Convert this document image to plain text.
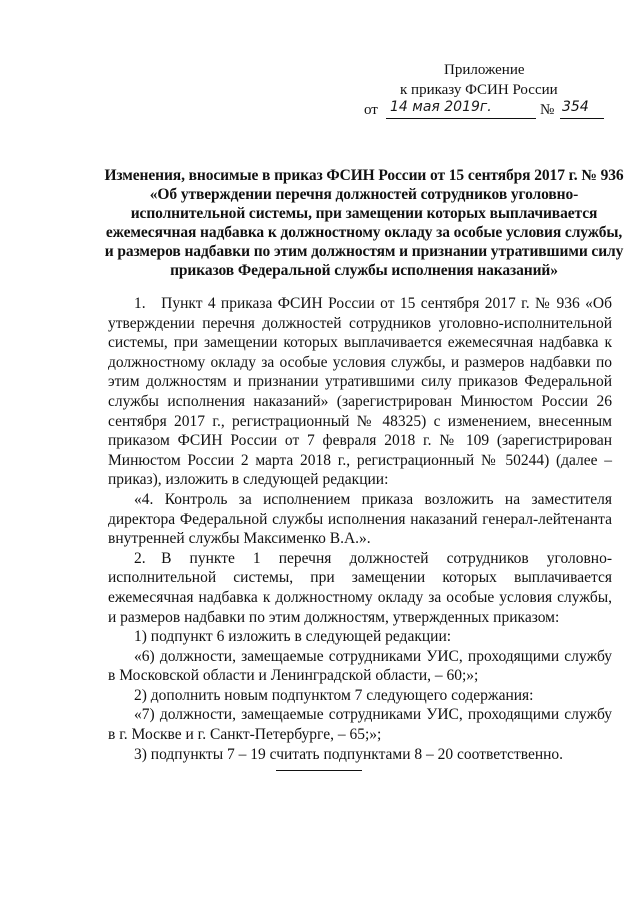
Приложение
к приказу ФСИН России
от 14 мая 2019г.	№ 354
Изменения, вносимые в приказ ФСИН России от 15 сентября 2017 г. № 936 «Об утверждении перечня должностей сотрудников уголовно-исполнительной системы, при замещении которых выплачивается ежемесячная надбавка к должностному окладу за особые условия службы, и размеров надбавки по этим должностям и признании утратившими силу приказов Федеральной службы исполнения наказаний»

1. Пункт 4 приказа ФСИН России от 15 сентября 2017 г. № 936 «Об утверждении перечня должностей сотрудников уголовно-исполнительной системы, при замещении которых выплачивается ежемесячная надбавка к должностному окладу за особые условия службы, и размеров надбавки по этим должностям и признании утратившими силу приказов Федеральной службы исполнения наказаний» (зарегистрирован Минюстом России 26 сентября 2017 г., регистрационный № 48325) с изменением, внесенным приказом ФСИН России от 7 февраля 2018 г. № 109 (зарегистрирован Минюстом России 2 марта 2018 г., регистрационный № 50244) (далее – приказ), изложить в следующей редакции:

«4. Контроль за исполнением приказа возложить на заместителя директора Федеральной службы исполнения наказаний генерал-лейтенанта внутренней службы Максименко В.А.».

2. В пункте 1 перечня должностей сотрудников уголовно-исполнительной системы, при замещении которых выплачивается ежемесячная надбавка к должностному окладу за особые условия службы, и размеров надбавки по этим должностям, утвержденных приказом:

1) подпункт 6 изложить в следующей редакции:

«6) должности, замещаемые сотрудниками УИС, проходящими службу в Московской области и Ленинградской области, – 60;»;

2) дополнить новым подпунктом 7 следующего содержания:

«7) должности, замещаемые сотрудниками УИС, проходящими службу в г. Москве и г. Санкт-Петербурге, – 65;»;

3) подпункты 7 – 19 считать подпунктами 8 – 20 соответственно.
